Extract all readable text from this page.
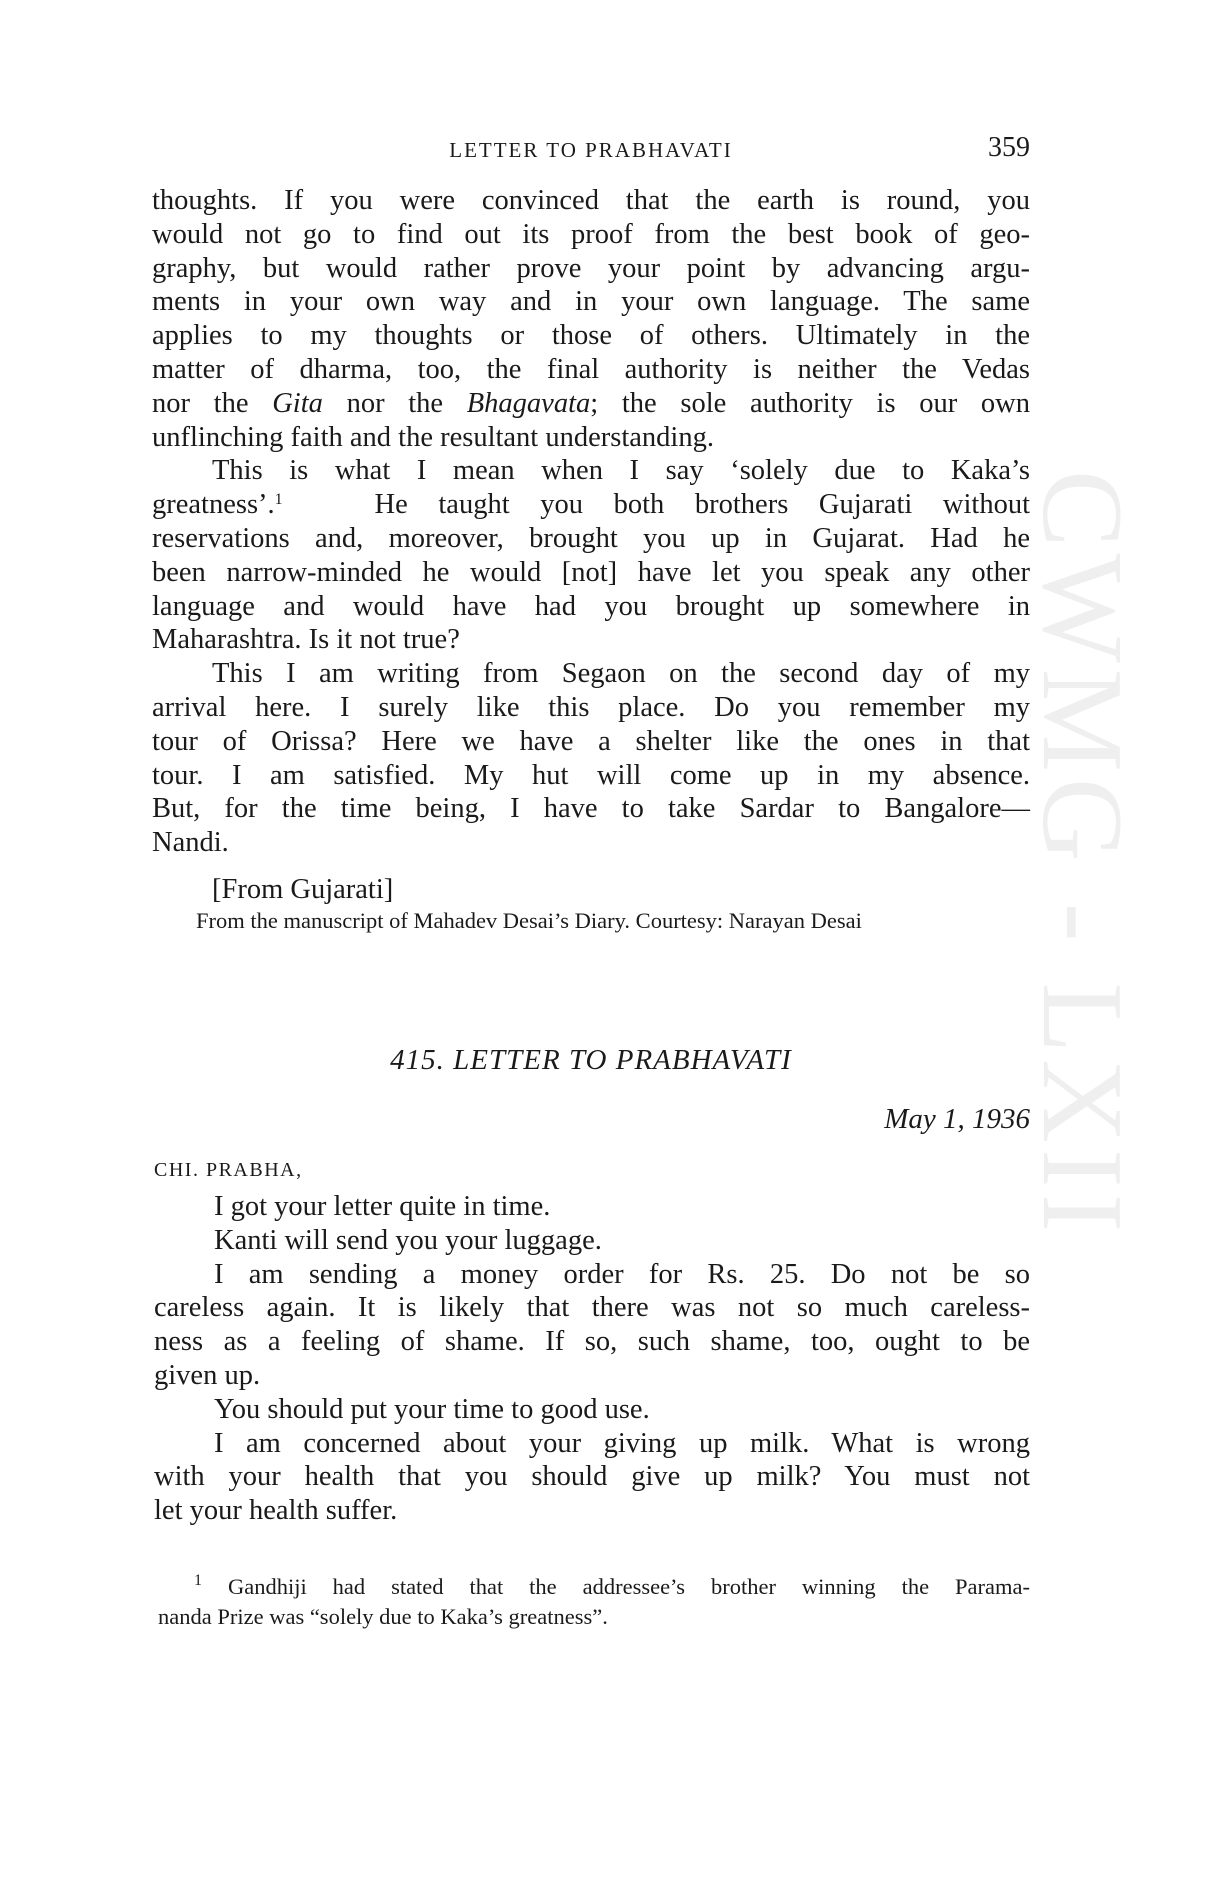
CWMG - LXII
LETTER TO PRABHAVATI	359
thoughts. If you were convinced that the earth is round, you
would not go to find out its proof from the best book of geo-
graphy, but would rather prove your point by advancing argu-
ments in your own way and in your own language. The same
applies to my thoughts or those of others. Ultimately in the
matter of dharma, too, the final authority is neither the Vedas
nor the Gita nor the Bhagavata; the sole authority is our own
unflinching faith and the resultant understanding.
This is what I mean when I say ‘solely due to Kaka’s
greatness’.$^1$	He taught you both brothers Gujarati without
reservations and, moreover, brought you up in Gujarat. Had he
been narrow-minded he would [not] have let you speak any other
language and would have had you brought up somewhere in
Maharashtra. Is it not true?
This I am writing from Segaon on the second day of my
arrival here. I surely like this place. Do you remember my
tour of Orissa? Here we have a shelter like the ones in that
tour. I am satisfied. My hut will come up in my absence.
But, for the time being, I have to take Sardar to Bangalore—
Nandi.
[From Gujarati]
From the manuscript of Mahadev Desai’s Diary. Courtesy: Narayan Desai
415. LETTER TO PRABHAVATI
May 1, 1936
CHI. PRABHA,
I got your letter quite in time.
Kanti will send you your luggage.
I am sending a money order for Rs. 25. Do not be so
careless again. It is likely that there was not so much careless-
ness as a feeling of shame. If so, such shame, too, ought to be
given up.
You should put your time to good use.
I am concerned about your giving up milk. What is wrong
with your health that you should give up milk? You must not
let your health suffer.
$^1$ Gandhiji had stated that the addressee’s brother winning the Parama-
nanda Prize was “solely due to Kaka’s greatness”.
